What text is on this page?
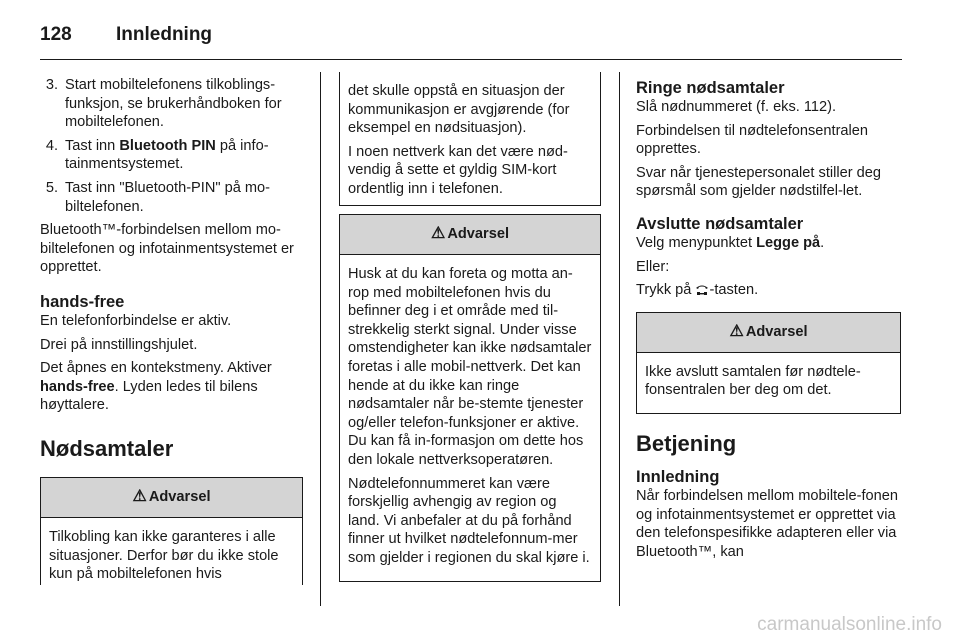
128	Innledning
3. Start mobiltelefonens tilkoblings-funksjon, se brukerhåndboken for mobiltelefonen.
4. Tast inn Bluetooth PIN på info-tainmentsystemet.
5. Tast inn "Bluetooth-PIN" på mo-biltelefonen.

Bluetooth™-forbindelsen mellom mo-biltelefonen og infotainmentsystemet er opprettet.

hands-free

En telefonforbindelse er aktiv.

Drei på innstillingshjulet.

Det åpnes en kontekstmeny. Aktiver hands-free. Lyden ledes til bilens høyttalere.

Nødsamtaler
⚠ Advarsel

Tilkobling kan ikke garanteres i alle situasjoner. Derfor bør du ikke stole kun på mobiltelefonen hvis

det skulle oppstå en situasjon der kommunikasjon er avgjørende (for eksempel en nødsituasjon).

I noen nettverk kan det være nød-vendig å sette et gyldig SIM-kort ordentlig inn i telefonen.

⚠ Advarsel

Husk at du kan foreta og motta an-rop med mobiltelefonen hvis du befinner deg i et område med til-strekkelig sterkt signal. Under visse omstendigheter kan ikke nødsamtaler foretas i alle mobil-nettverk. Det kan hende at du ikke kan ringe nødsamtaler når be-stemte tjenester og/eller telefon-funksjoner er aktive. Du kan få in-formasjon om dette hos den lokale nettverksoperatøren.

Nødtelefonnummeret kan være forskjellig avhengig av region og land. Vi anbefaler at du på forhånd finner ut hvilket nødtelefonnum-mer som gjelder i regionen du skal kjøre i.

Ringe nødsamtaler

Slå nødnummeret (f. eks. 112).

Forbindelsen til nødtelefonsentralen opprettes.

Svar når tjenestepersonalet stiller deg spørsmål som gjelder nødstilfel-let.

Avslutte nødsamtaler

Velg menypunktet Legge på.

Eller:

Trykk på -tasten.

⚠ Advarsel

Ikke avslutt samtalen før nødtele-fonsentralen ber deg om det.

Betjening
Innledning

Når forbindelsen mellom mobiltele-fonen og infotainmentsystemet er opprettet via den telefonspesifikke adapteren eller via Bluetooth™, kan

carmanualsonline.info
